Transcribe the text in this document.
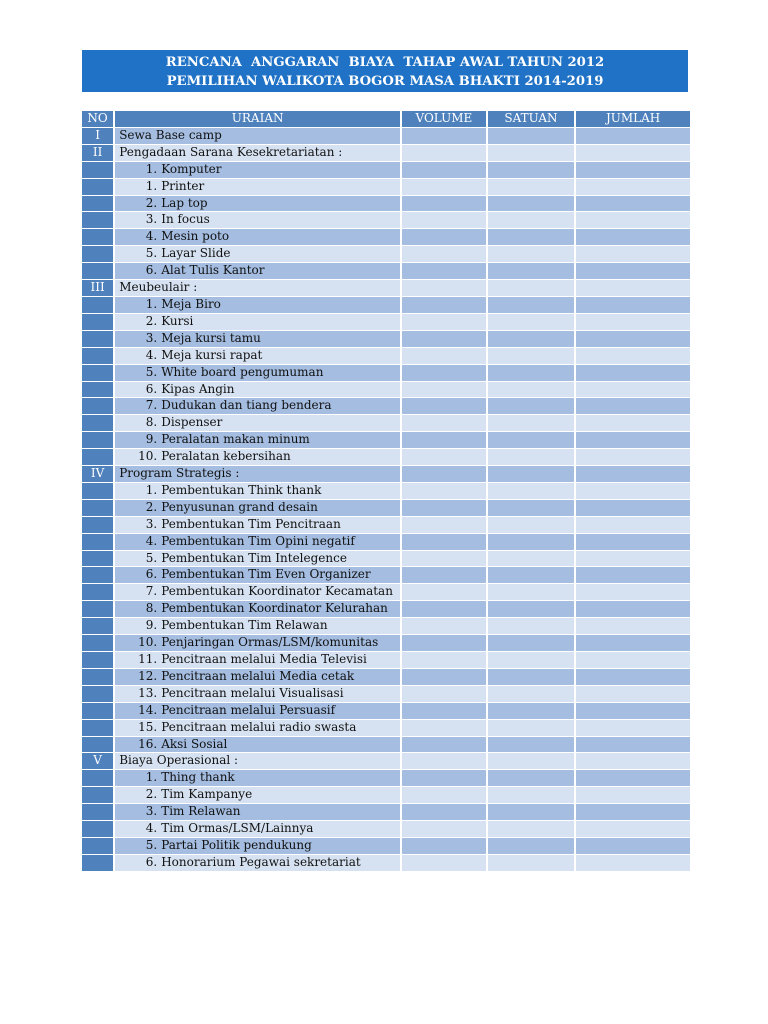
RENCANA  ANGGARAN  BIAYA  TAHAP AWAL TAHUN 2012
PEMILIHAN WALIKOTA BOGOR MASA BHAKTI 2014-2019
NO	URAIAN	VOLUME	SATUAN	JUMLAH
I	Sewa Base camp			
II	Pengadaan Sarana Kesekretariatan :			
	1. Komputer			
	1. Printer			
	2. Lap top			
	3. In focus			
	4. Mesin poto			
	5. Layar Slide			
	6. Alat Tulis Kantor			
III	Meubeulair :			
	1. Meja Biro			
	2. Kursi			
	3. Meja kursi tamu			
	4. Meja kursi rapat			
	5. White board pengumuman			
	6. Kipas Angin			
	7. Dudukan dan tiang bendera			
	8. Dispenser			
	9. Peralatan makan minum			
	10. Peralatan kebersihan			
IV	Program Strategis :			
	1. Pembentukan Think thank			
	2. Penyusunan grand desain			
	3. Pembentukan Tim Pencitraan			
	4. Pembentukan Tim Opini negatif			
	5. Pembentukan Tim Intelegence			
	6. Pembentukan Tim Even Organizer			
	7. Pembentukan Koordinator Kecamatan			
	8. Pembentukan Koordinator Kelurahan			
	9. Pembentukan Tim Relawan			
	10. Penjaringan Ormas/LSM/komunitas			
	11. Pencitraan melalui Media Televisi			
	12. Pencitraan melalui Media cetak			
	13. Pencitraan melalui Visualisasi			
	14. Pencitraan melalui Persuasif			
	15. Pencitraan melalui radio swasta			
	16. Aksi Sosial			
V	Biaya Operasional :			
	1. Thing thank			
	2. Tim Kampanye			
	3. Tim Relawan			
	4. Tim Ormas/LSM/Lainnya			
	5. Partai Politik pendukung			
	6. Honorarium Pegawai sekretariat			
